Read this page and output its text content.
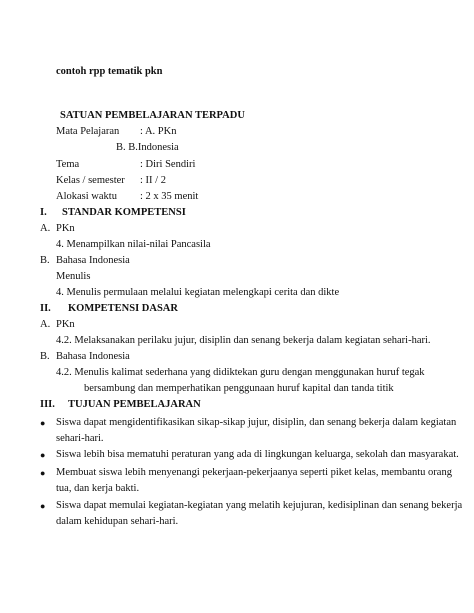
contoh rpp tematik pkn
SATUAN PEMBELAJARAN TERPADU
Mata Pelajaran : A. PKn
B. B.Indonesia
Tema	: Diri Sendiri
Kelas / semester : II / 2
Alokasi waktu : 2 x 35 menit
I. STANDAR KOMPETENSI
A. PKn
4. Menampilkan nilai-nilai Pancasila
B. Bahasa Indonesia
Menulis
4. Menulis permulaan melalui kegiatan melengkapi cerita dan dikte
II. KOMPETENSI DASAR
A. PKn
4.2. Melaksanakan perilaku jujur, disiplin dan senang bekerja dalam kegiatan sehari-hari.
B. Bahasa Indonesia
4.2. Menulis kalimat sederhana yang didiktekan guru dengan menggunakan huruf tegak
bersambung dan memperhatikan penggunaan huruf kapital dan tanda titik
III. TUJUAN PEMBELAJARAN
● Siswa dapat mengidentifikasikan sikap-sikap jujur, disiplin, dan senang bekerja dalam kegiatan
sehari-hari.
● Siswa lebih bisa mematuhi peraturan yang ada di lingkungan keluarga, sekolah dan masyarakat.
● Membuat siswa lebih menyenangi pekerjaan-pekerjaanya seperti piket kelas, membantu orang
tua, dan kerja bakti.
● Siswa dapat memulai kegiatan-kegiatan yang melatih kejujuran, kedisiplinan dan senang bekerja
dalam kehidupan sehari-hari.
